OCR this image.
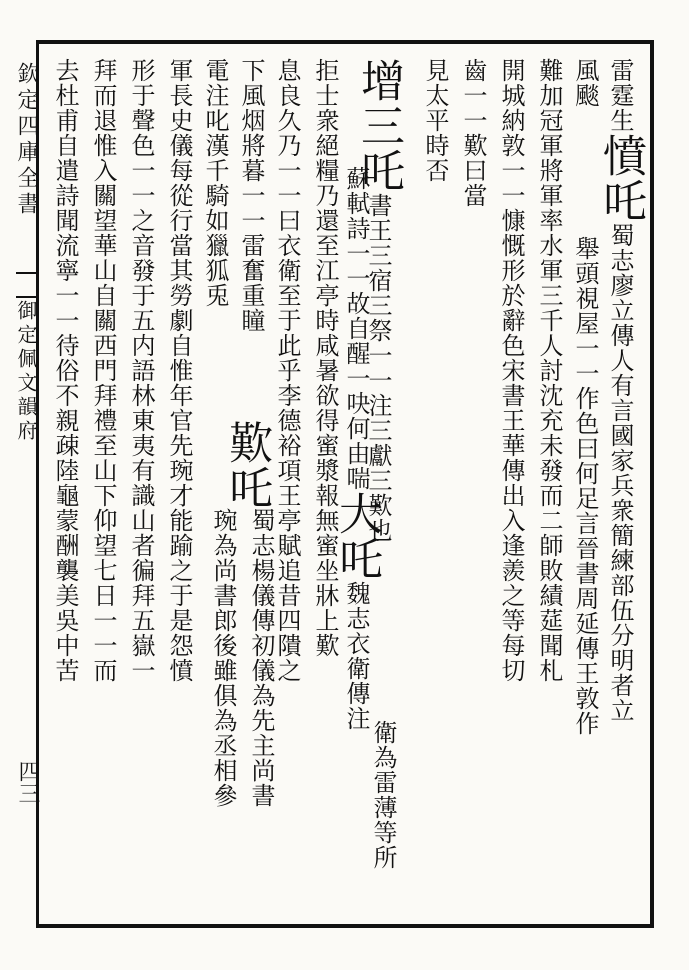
欽定四庫全書
御定佩文韻府
四三
雷霆生憤吒蜀志廖立傳人有言國家兵衆簡練部伍分明者立
風颷舉頭視屋一一作色曰何足言晉書周延傳王敦作
難加冠軍將軍率水軍三千人討沈充未發而二師敗績莚聞札
開城納敦一一慷慨形於辭色宋書王華傳出入逢羨之等每切
齒一一歎曰當
見太平時否
增三吒書王三宿三祭一一注三獻三歎也
蘇軾詩一一故自醒一吷何由喘大吒魏志衣衛傳注
拒士衆絕糧乃還至江亭時咸暑欲得蜜漿報無蜜坐牀上歎
衛為雷薄等所
息良久乃一一曰衣衛至于此乎李德裕項王亭賦追昔四隤之
下風烟將暮一一雷奮重瞳
歎吒
蜀志楊儀傳初儀為先主尚書
電注叱漢千騎如獵狐兎
琬為尚書郎後雖俱為丞相參
軍長史儀每從行當其勞劇自惟年官先琬才能踰之于是怨憤
形于聲色一一之音發于五内語林東夷有識山者徧拜五嶽一
拜而退惟入關望華山自關西門拜禮至山下仰望七日一一而
去杜甫自遣詩聞流寧一一待俗不親疎陸龜蒙酬襲美吳中苦
